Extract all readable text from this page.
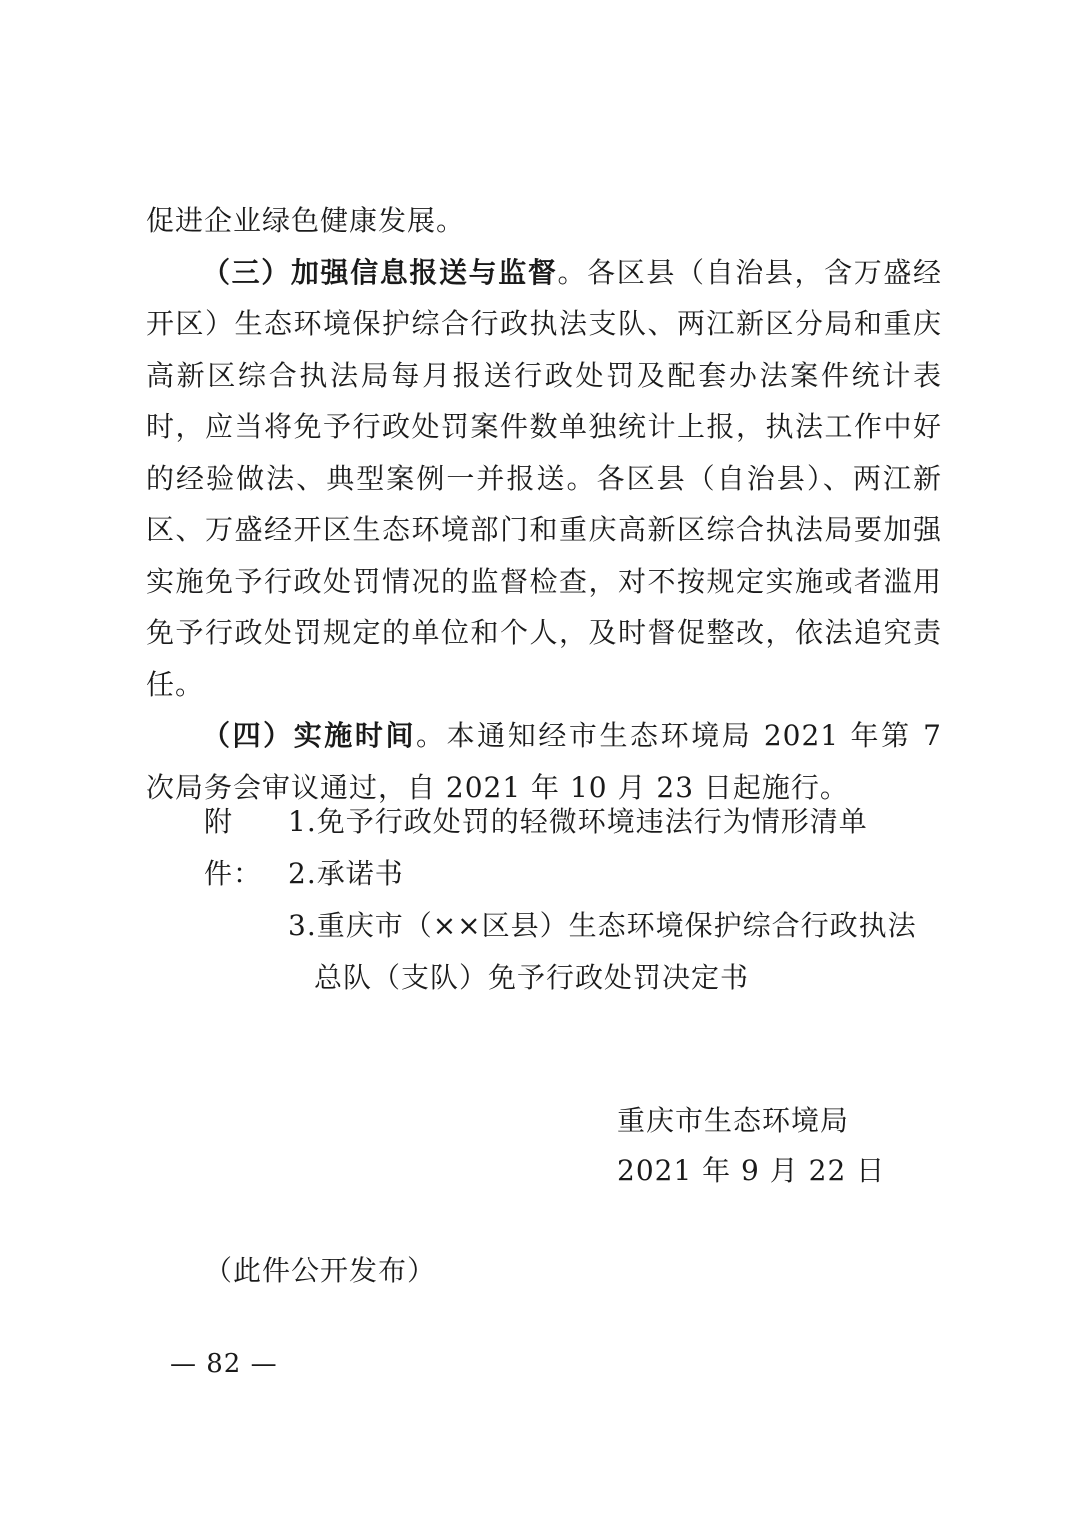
促进企业绿色健康发展。

（三）加强信息报送与监督。各区县（自治县，含万盛经开区）生态环境保护综合行政执法支队、两江新区分局和重庆高新区综合执法局每月报送行政处罚及配套办法案件统计表时，应当将免予行政处罚案件数单独统计上报，执法工作中好的经验做法、典型案例一并报送。各区县（自治县）、两江新区、万盛经开区生态环境部门和重庆高新区综合执法局要加强实施免予行政处罚情况的监督检查，对不按规定实施或者滥用免予行政处罚规定的单位和个人，及时督促整改，依法追究责任。

（四）实施时间。本通知经市生态环境局 2021 年第 7 次局务会审议通过，自 2021 年 10 月 23 日起施行。

附件：
1.免予行政处罚的轻微环境违法行为情形清单
2.承诺书
3.重庆市（××区县）生态环境保护综合行政执法总队（支队）免予行政处罚决定书
重庆市生态环境局
2021 年 9 月 22 日
（此件公开发布）
— 82 —
